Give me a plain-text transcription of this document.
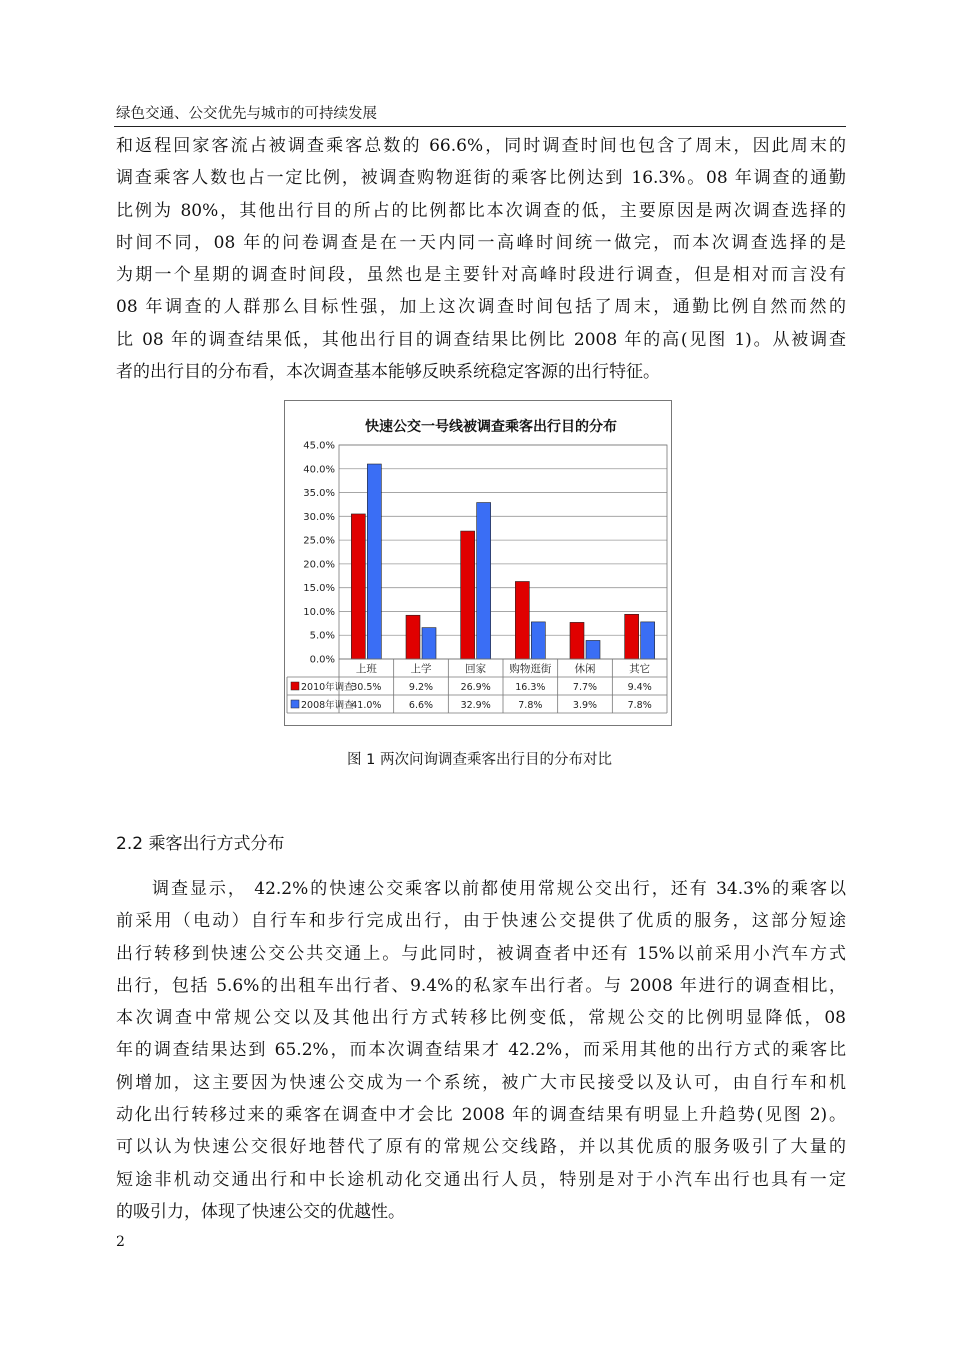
绿色交通、公交优先与城市的可持续发展
和返程回家客流占被调查乘客总数的 66.6%，同时调查时间也包含了周末，因此周末的
调查乘客人数也占一定比例，被调查购物逛街的乘客比例达到 16.3%。08 年调查的通勤
比例为 80%，其他出行目的所占的比例都比本次调查的低，主要原因是两次调查选择的
时间不同，08 年的问卷调查是在一天内同一高峰时间统一做完，而本次调查选择的是
为期一个星期的调查时间段，虽然也是主要针对高峰时段进行调查，但是相对而言没有
08 年调查的人群那么目标性强，加上这次调查时间包括了周末，通勤比例自然而然的
比 08 年的调查结果低，其他出行目的调查结果比例比 2008 年的高(见图 1)。从被调查
者的出行目的分布看，本次调查基本能够反映系统稳定客源的出行特征。
快速公交一号线被调查乘客出行目的分布
0.0%
5.0%
10.0%
15.0%
20.0%
25.0%
30.0%
35.0%
40.0%
45.0%
上班	上学	回家 购物逛街 休闲	其它
2010年调查
30.5%	9.2%	26.9%	16.3%	7.7%	9.4%
2008年调查
41.0%	6.6%	32.9%	7.8%	3.9%	7.8%
图 1 两次问询调查乘客出行目的分布对比
2.2 乘客出行方式分布
调查显示， 42.2%的快速公交乘客以前都使用常规公交出行，还有 34.3%的乘客以
前采用（电动）自行车和步行完成出行，由于快速公交提供了优质的服务，这部分短途
出行转移到快速公交公共交通上。与此同时，被调查者中还有 15%以前采用小汽车方式
出行，包括 5.6%的出租车出行者、9.4%的私家车出行者。与 2008 年进行的调查相比，
本次调查中常规公交以及其他出行方式转移比例变低，常规公交的比例明显降低，08
年的调查结果达到 65.2%，而本次调查结果才 42.2%，而采用其他的出行方式的乘客比
例增加，这主要因为快速公交成为一个系统，被广大市民接受以及认可，由自行车和机
动化出行转移过来的乘客在调查中才会比 2008 年的调查结果有明显上升趋势(见图 2)。
可以认为快速公交很好地替代了原有的常规公交线路，并以其优质的服务吸引了大量的
短途非机动交通出行和中长途机动化交通出行人员，特别是对于小汽车出行也具有一定
的吸引力，体现了快速公交的优越性。
2
